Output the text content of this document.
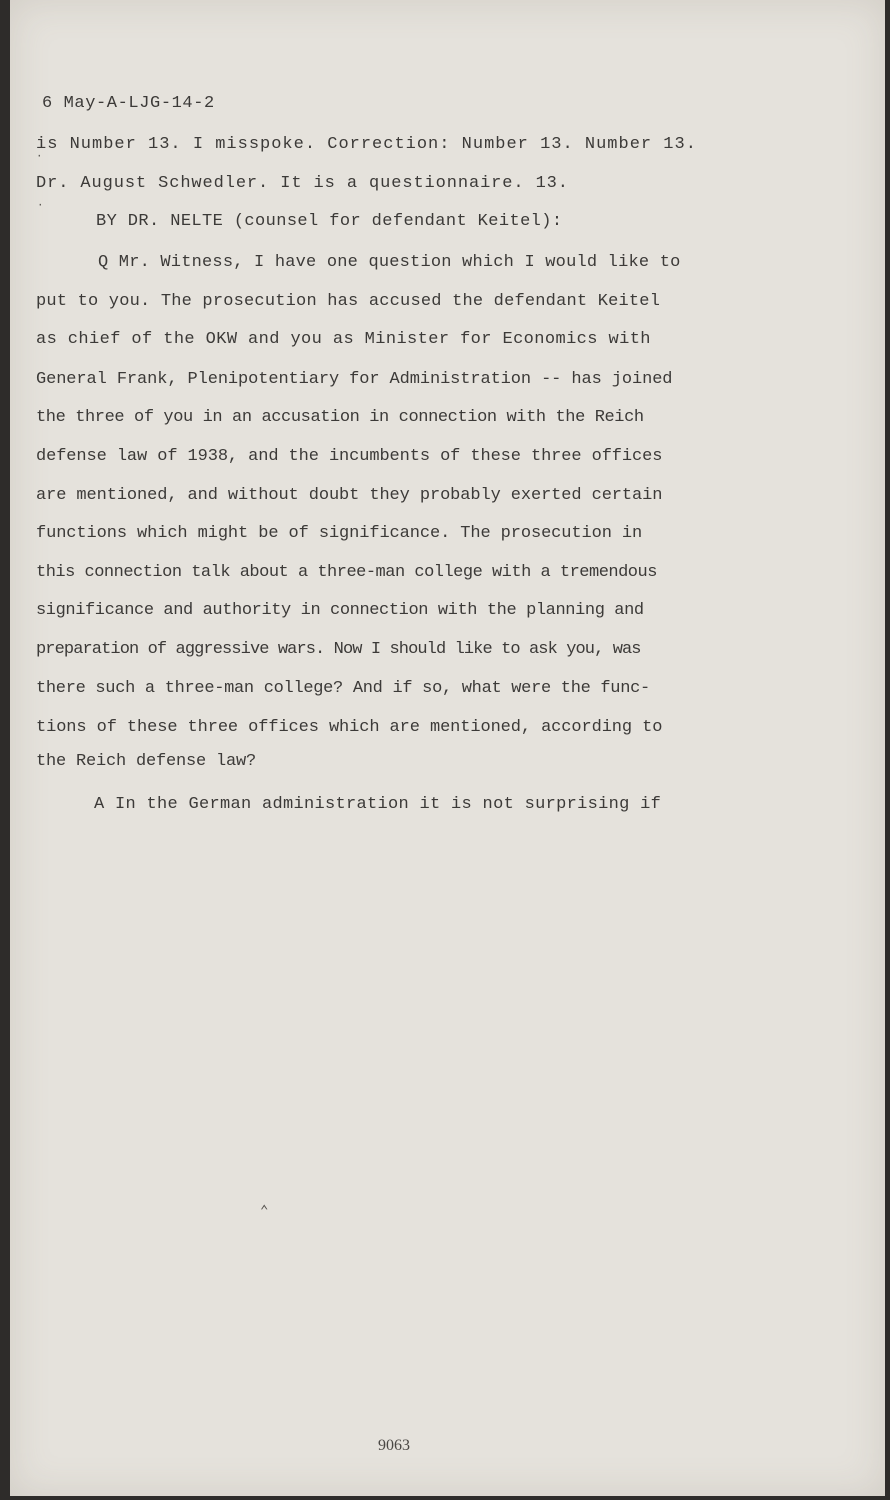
6 May-A-LJG-14-2
is Number 13. I misspoke. Correction: Number 13. Number 13.
Dr. August Schwedler. It is a questionnaire. 13.
BY DR. NELTE (counsel for defendant Keitel):
Q Mr. Witness, I have one question which I would like to
put to you. The prosecution has accused the defendant Keitel
as chief of the OKW and you as Minister for Economics with
General Frank, Plenipotentiary for Administration -- has joined
the three of you in an accusation in connection with the Reich
defense law of 1938, and the incumbents of these three offices
are mentioned, and without doubt they probably exerted certain
functions which might be of significance. The prosecution in
this connection talk about a three-man college with a tremendous
significance and authority in connection with the planning and
preparation of aggressive wars. Now I should like to ask you, was
there such a three-man college? And if so, what were the func-
tions of these three offices which are mentioned, according to
the Reich defense law?
A In the German administration it is not surprising if
·
·
⌃
9063
